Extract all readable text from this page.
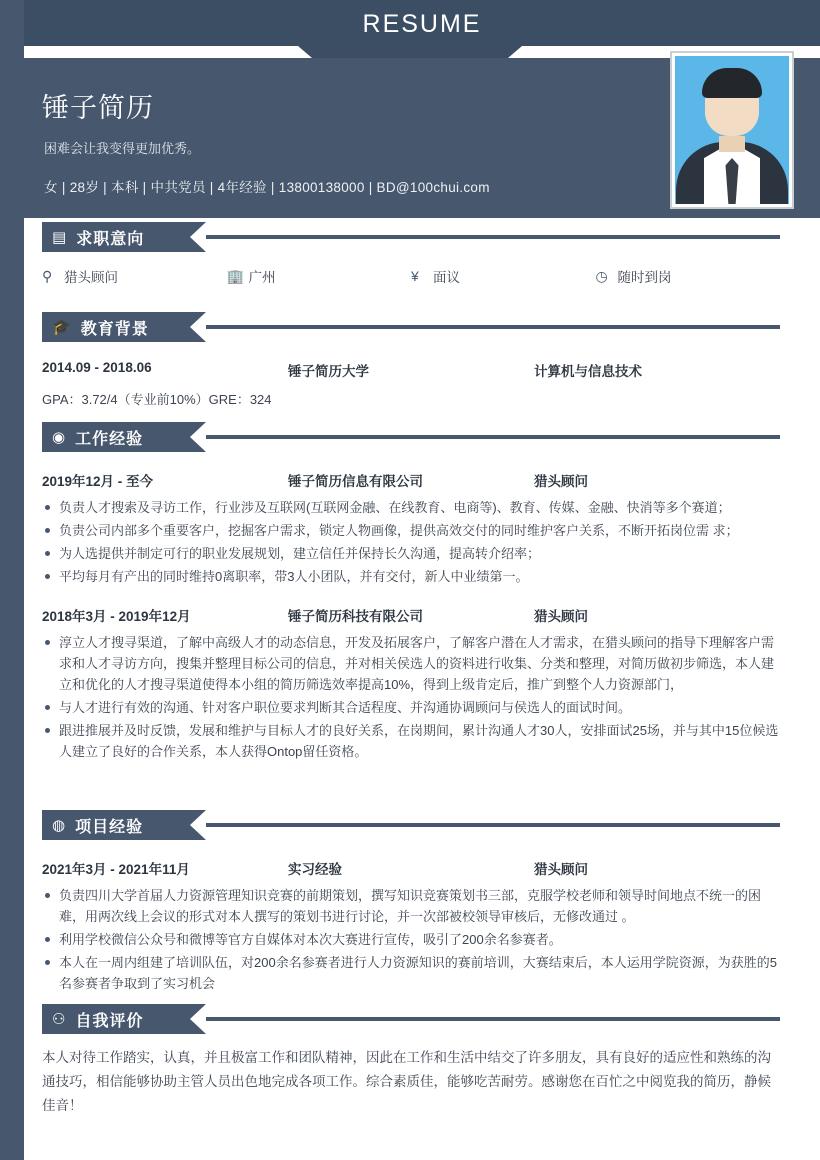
RESUME
锤子简历
困难会让我变得更加优秀。
女 | 28岁 | 本科 | 中共党员 | 4年经验 | 13800138000 | BD@100chui.com
▤ 求职意向
⚲ 猎头顾问	🏢 广州	¥	面议	◷ 随时到岗
🎓 教育背景
2014.09 - 2018.06	锤子简历大学	计算机与信息技术
GPA：3.72/4（专业前10%）GRE：324
◉ 工作经验
2019年12月 - 至今	锤子简历信息有限公司	猎头顾问
负责人才搜索及寻访工作，行业涉及互联网(互联网金融、在线教育、电商等)、教育、传媒、金融、快消等多个赛道；
负责公司内部多个重要客户，挖掘客户需求，锁定人物画像，提供高效交付的同时维护客户关系，不断开拓岗位需 求；
为人选提供并制定可行的职业发展规划，建立信任并保持长久沟通，提高转介绍率；
平均每月有产出的同时维持0离职率，带3人小团队，并有交付，新人中业绩第一。
2018年3月 - 2019年12月	锤子简历科技有限公司	猎头顾问
淳立人才搜寻渠道，了解中高级人才的动态信息，开发及拓展客户，了解客户潜在人才需求，在猎头顾问的指导下理解客户需求和人才寻访方向，搜集并整理目标公司的信息，并对相关侯选人的资料进行收集、分类和整理，对简历做初步筛选，本人建立和优化的人才搜寻渠道使得本小组的简历筛选效率提高10%，得到上级肯定后，推广到整个人力资源部门，
与人才进行有效的沟通、针对客户职位要求判断其合适程度、并沟通协调顾问与侯选人的面试时间。
跟进推展并及时反馈，发展和维护与目标人才的良好关系，在岗期间，累计沟通人才30人，安排面试25场，并与其中15位候选人建立了良好的合作关系，本人获得Ontop留任资格。
◍ 项目经验
2021年3月 - 2021年11月	实习经验	猎头顾问
负责四川大学首届人力资源管理知识竞赛的前期策划，撰写知识竞赛策划书三部，克服学校老师和领导时间地点不统一的困难，用两次线上会议的形式对本人撰写的策划书进行讨论，并一次部被校领导审核后，无修改通过 。
利用学校微信公众号和微博等官方自媒体对本次大赛进行宣传，吸引了200余名参赛者。
本人在一周内组建了培训队伍，对200余名参赛者进行人力资源知识的赛前培训，大赛结束后，本人运用学院资源，为获胜的5名参赛者争取到了实习机会
⚇ 自我评价
本人对待工作踏实，认真，并且极富工作和团队精神，因此在工作和生活中结交了许多朋友，具有良好的适应性和熟练的沟通技巧，相信能够协助主管人员出色地完成各项工作。综合素质佳，能够吃苦耐劳。感谢您在百忙之中阅览我的简历，静候佳音！
